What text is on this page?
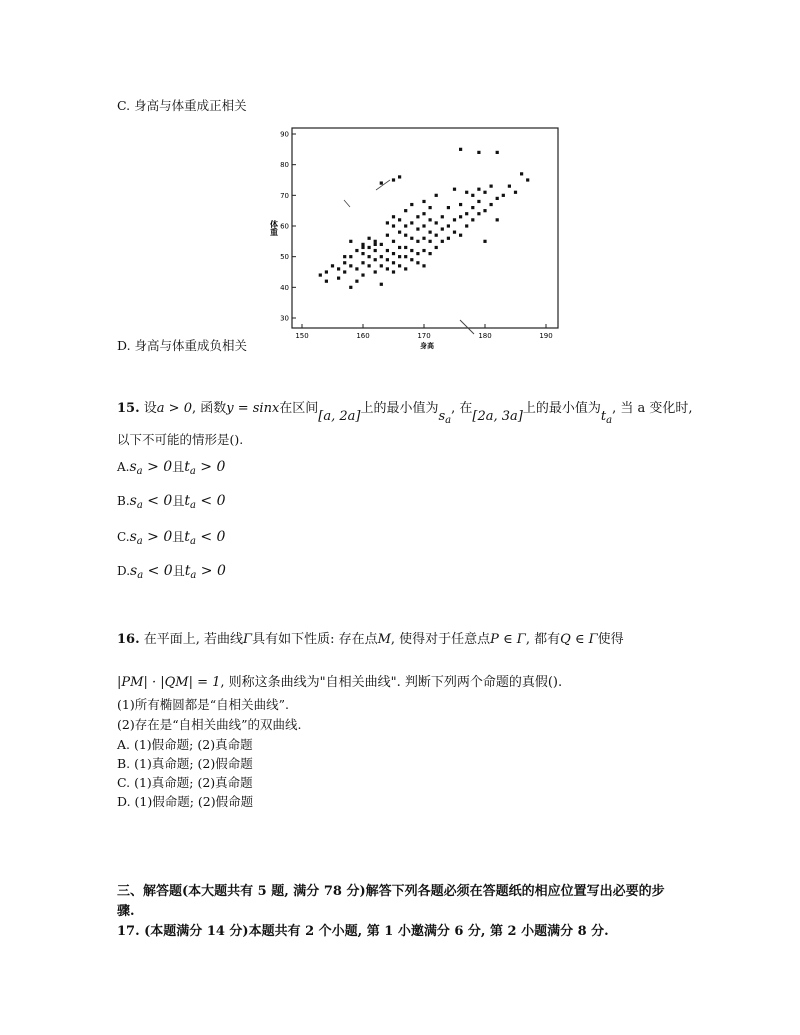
C. 身高与体重成正相关
30
40
50
60
70
80
90
150	160	170	180	190
体重
身高
D. 身高与体重成负相关
15. 设a > 0, 函数y = sinx在区间[a, 2a]上的最小值为$s_a$, 在[2a, 3a]上的最小值为$t_a$, 当 a 变化时,
以下不可能的情形是().
$A.s_a > 0$且$t_a > 0$
$B.s_a < 0$且$t_a < 0$
$C.s_a > 0$且$t_a < 0$
$D.s_a < 0$且$t_a > 0$
16. 在平面上, 若曲线Γ具有如下性质: 存在点M, 使得对于任意点P ∈ Γ, 都有Q ∈ Γ使得
|PM| · |QM| = 1, 则称这条曲线为"自相关曲线". 判断下列两个命题的真假().
(1)所有椭圆都是“自相关曲线”.
(2)存在是“自相关曲线”的双曲线.
A. (1)假命题; (2)真命题
B. (1)真命题; (2)假命题
C. (1)真命题; (2)真命题
D. (1)假命题; (2)假命题
三、解答题(本大题共有 5 题, 满分 78 分)解答下列各题必须在答题纸的相应位置写出必要的步
骤.
17. (本题满分 14 分)本题共有 2 个小题, 第 1 小邀满分 6 分, 第 2 小题满分 8 分.
